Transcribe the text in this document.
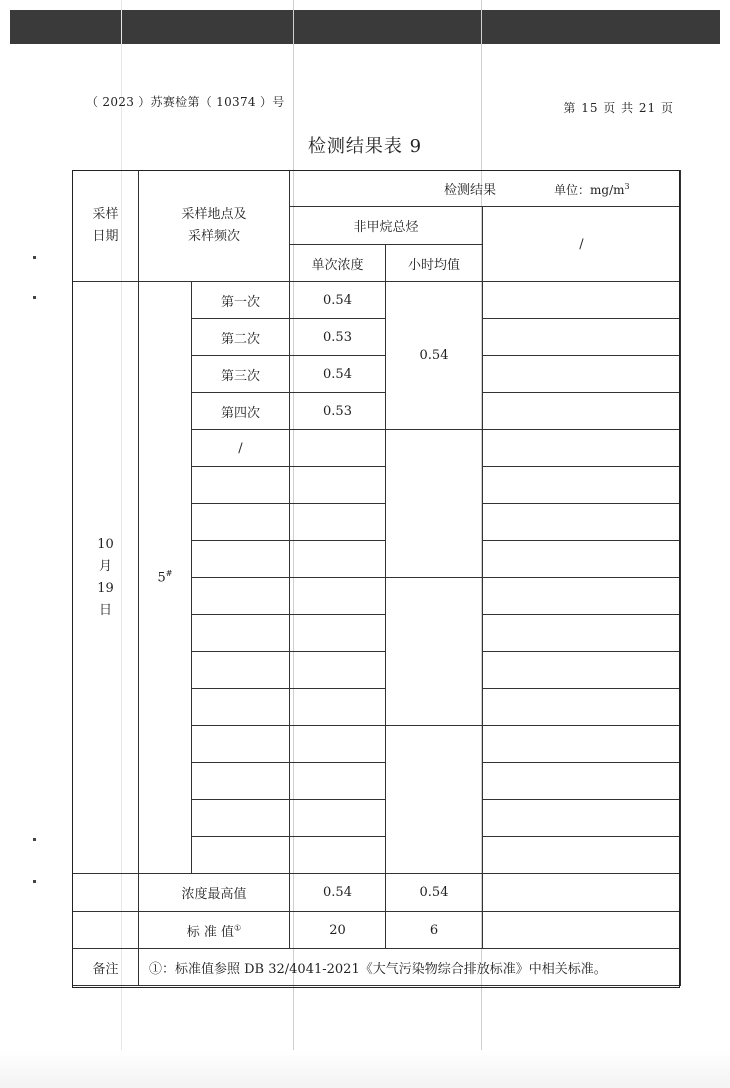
（ 2023 ）苏赛检第（ 10374 ）号	第 15 页 共 21 页
检测结果表 9
采样日期	采样地点及采样频次		检测结果 单位：$mg/m^3$
			非甲烷总烃		/
			单次浓度	小时均值	

10月19日	5#	第一次	0.54	0.54	
		第二次	0.53		
		第三次	0.54		
		第四次	0.53		
		/			

	浓度最高值		0.54	0.54	
	标 准 值①		20	6	
备注	①：标准值参照 DB 32/4041-2021《大气污染物综合排放标准》中相关标准。				
